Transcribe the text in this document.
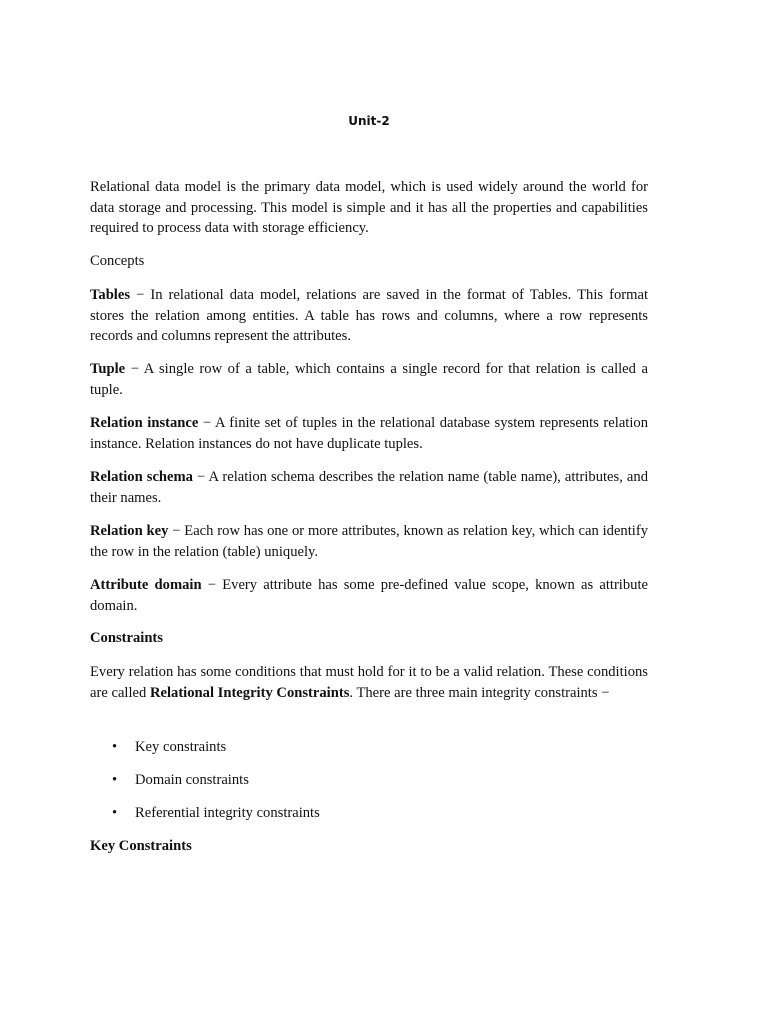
Unit-2

Relational data model is the primary data model, which is used widely around the world for data storage and processing. This model is simple and it has all the properties and capabilities required to process data with storage efficiency.

Concepts

Tables − In relational data model, relations are saved in the format of Tables. This format stores the relation among entities. A table has rows and columns, where a row represents records and columns represent the attributes.

Tuple − A single row of a table, which contains a single record for that relation is called a tuple.

Relation instance − A finite set of tuples in the relational database system represents relation instance. Relation instances do not have duplicate tuples.

Relation schema − A relation schema describes the relation name (table name), attributes, and their names.

Relation key − Each row has one or more attributes, known as relation key, which can identify the row in the relation (table) uniquely.

Attribute domain − Every attribute has some pre-defined value scope, known as attribute domain.

Constraints

Every relation has some conditions that must hold for it to be a valid relation. These conditions are called Relational Integrity Constraints. There are three main integrity constraints −

• Key constraints
• Domain constraints
• Referential integrity constraints

Key Constraints
